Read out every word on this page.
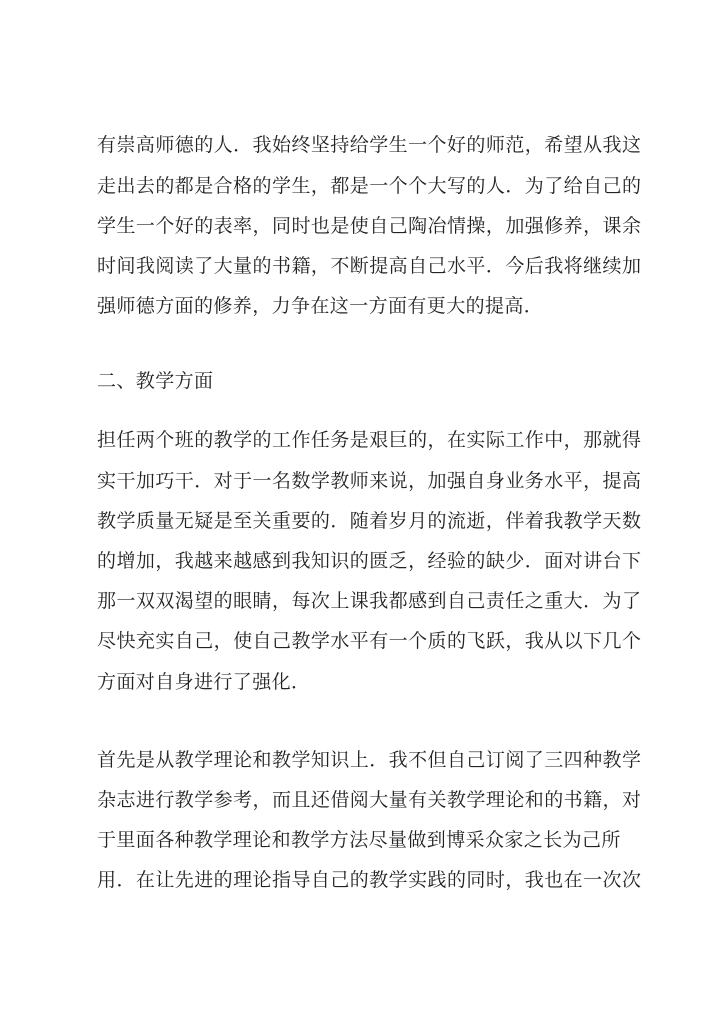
有崇高师德的人．我始终坚持给学生一个好的师范，希望从我这
走出去的都是合格的学生，都是一个个大写的人．为了给自己的
学生一个好的表率，同时也是使自己陶冶情操，加强修养，课余
时间我阅读了大量的书籍，不断提高自己水平．今后我将继续加
强师德方面的修养，力争在这一方面有更大的提高．
二、教学方面
担任两个班的教学的工作任务是艰巨的，在实际工作中，那就得
实干加巧干．对于一名数学教师来说，加强自身业务水平，提高
教学质量无疑是至关重要的．随着岁月的流逝，伴着我教学天数
的增加，我越来越感到我知识的匮乏，经验的缺少．面对讲台下
那一双双渴望的眼睛，每次上课我都感到自己责任之重大．为了
尽快充实自己，使自己教学水平有一个质的飞跃，我从以下几个
方面对自身进行了强化．
首先是从教学理论和教学知识上．我不但自己订阅了三四种教学
杂志进行教学参考，而且还借阅大量有关教学理论和的书籍，对
于里面各种教学理论和教学方法尽量做到博采众家之长为己所
用．在让先进的理论指导自己的教学实践的同时，我也在一次次
